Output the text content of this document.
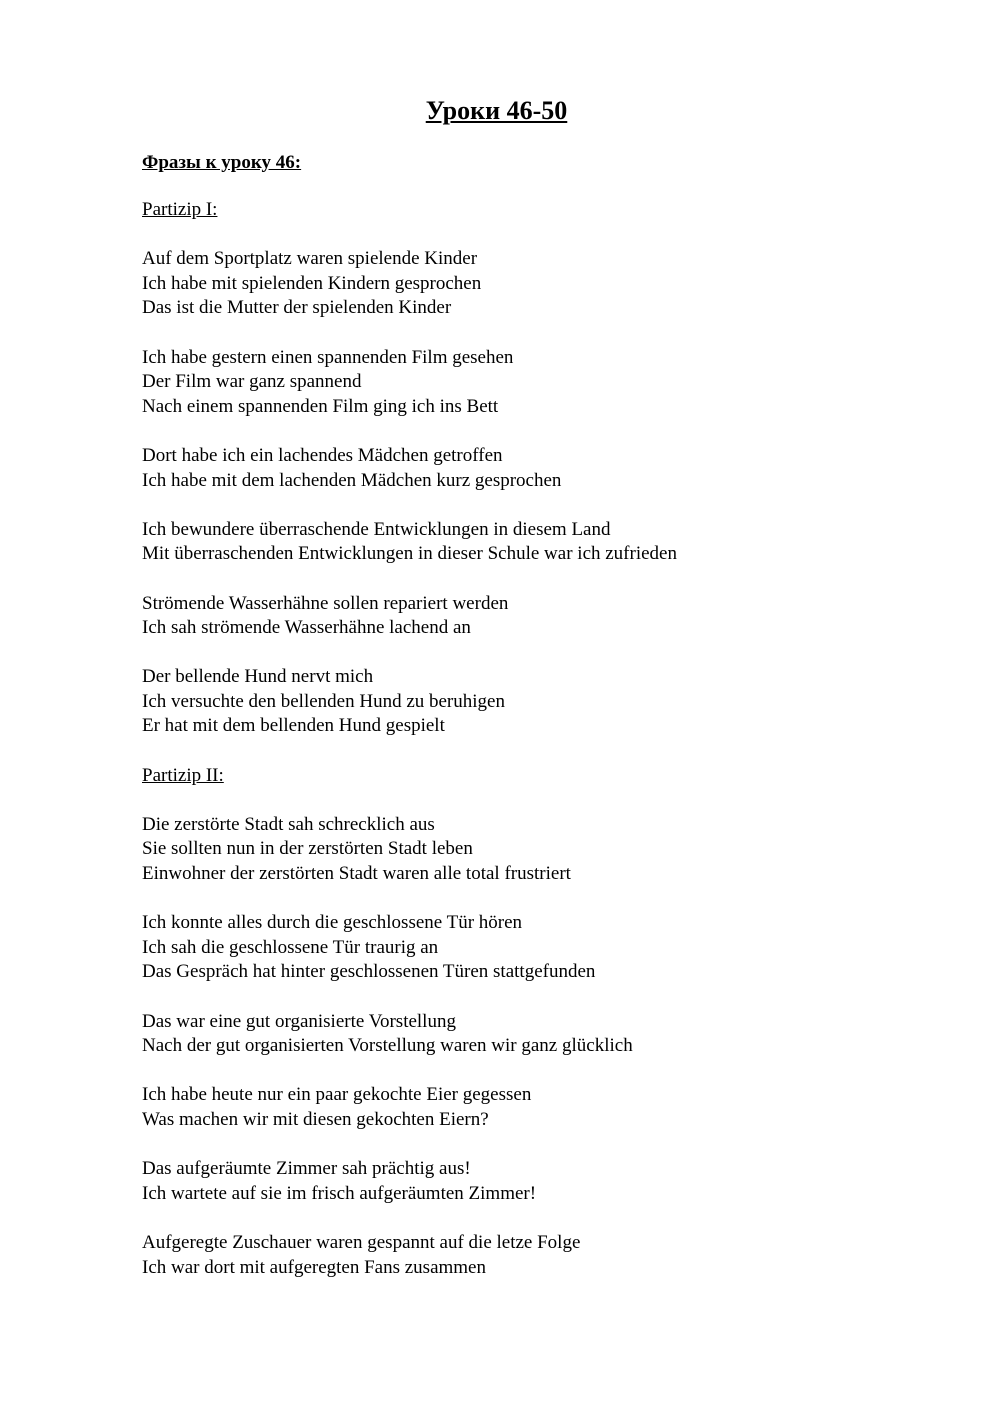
Уроки 46-50
Фразы к уроку 46:
Partizip I:
Auf dem Sportplatz waren spielende Kinder
Ich habe mit spielenden Kindern gesprochen
Das ist die Mutter der spielenden Kinder
Ich habe gestern einen spannenden Film gesehen
Der Film war ganz spannend
Nach einem spannenden Film ging ich ins Bett
Dort habe ich ein lachendes Mädchen getroffen
Ich habe mit dem lachenden Mädchen kurz gesprochen
Ich bewundere überraschende Entwicklungen in diesem Land
Mit überraschenden Entwicklungen in dieser Schule war ich zufrieden
Strömende Wasserhähne sollen repariert werden
Ich sah strömende Wasserhähne lachend an
Der bellende Hund nervt mich
Ich versuchte den bellenden Hund zu beruhigen
Er hat mit dem bellenden Hund gespielt
Partizip II:
Die zerstörte Stadt sah schrecklich aus
Sie sollten nun in der zerstörten Stadt leben
Einwohner der zerstörten Stadt waren alle total frustriert
Ich konnte alles durch die geschlossene Tür hören
Ich sah die geschlossene Tür traurig an
Das Gespräch hat hinter geschlossenen Türen stattgefunden
Das war eine gut organisierte Vorstellung
Nach der gut organisierten Vorstellung waren wir ganz glücklich
Ich habe heute nur ein paar gekochte Eier gegessen
Was machen wir mit diesen gekochten Eiern?
Das aufgeräumte Zimmer sah prächtig aus!
Ich wartete auf sie im frisch aufgeräumten Zimmer!
Aufgeregte Zuschauer waren gespannt auf die letze Folge
Ich war dort mit aufgeregten Fans zusammen
